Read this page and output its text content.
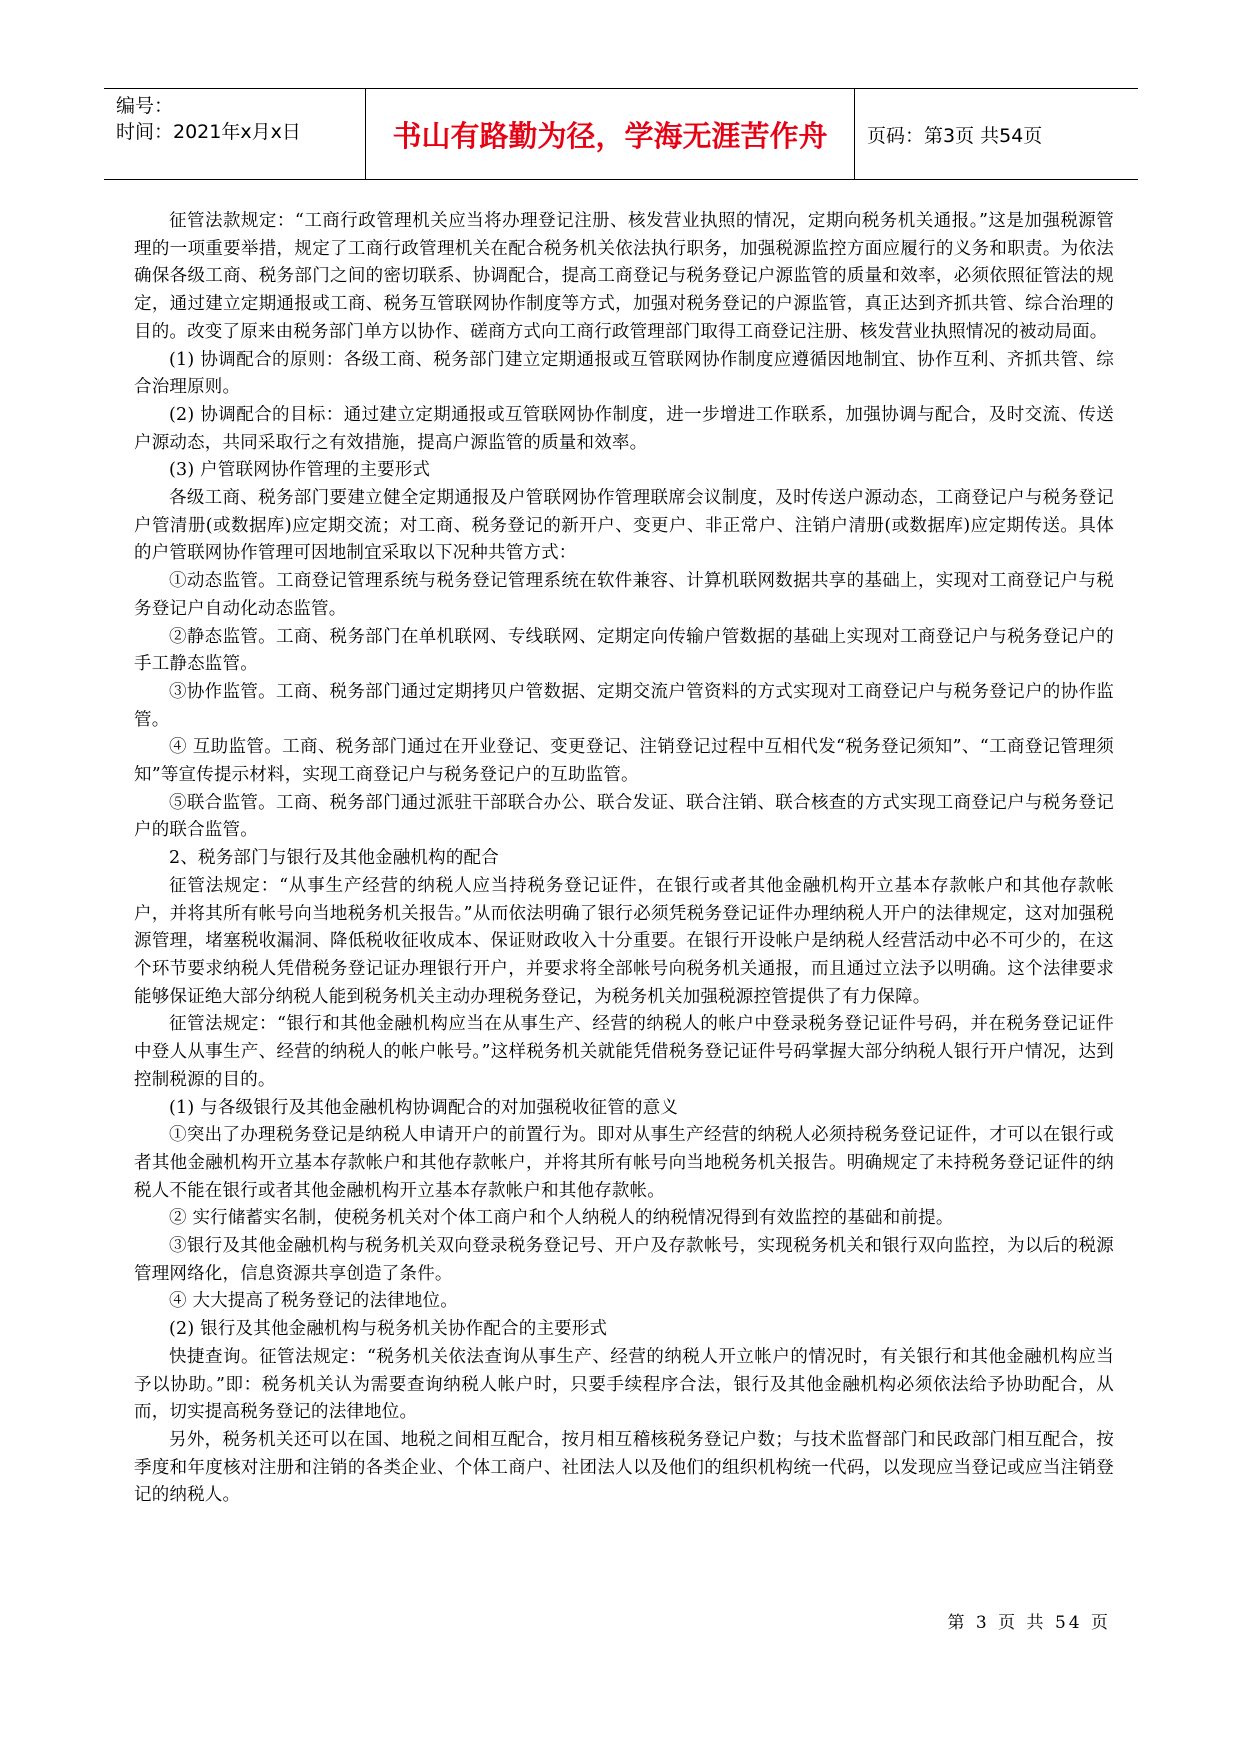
编号：
时间：2021年x月x日	书山有路勤为径，学海无涯苦作舟 页码：第3页 共54页

征管法款规定：“工商行政管理机关应当将办理登记注册、核发营业执照的情况，定期向税务机关通报。”这是加强税源管理的一项重要举措，规定了工商行政管理机关在配合税务机关依法执行职务，加强税源监控方面应履行的义务和职责。为依法确保各级工商、税务部门之间的密切联系、协调配合，提高工商登记与税务登记户源监管的质量和效率，必须依照征管法的规定，通过建立定期通报或工商、税务互管联网协作制度等方式，加强对税务登记的户源监管，真正达到齐抓共管、综合治理的目的。改变了原来由税务部门单方以协作、磋商方式向工商行政管理部门取得工商登记注册、核发营业执照情况的被动局面。

(1) 协调配合的原则：各级工商、税务部门建立定期通报或互管联网协作制度应遵循因地制宜、协作互利、齐抓共管、综合治理原则。

(2) 协调配合的目标：通过建立定期通报或互管联网协作制度，进一步增进工作联系，加强协调与配合，及时交流、传送户源动态，共同采取行之有效措施，提高户源监管的质量和效率。

(3) 户管联网协作管理的主要形式

各级工商、税务部门要建立健全定期通报及户管联网协作管理联席会议制度，及时传送户源动态，工商登记户与税务登记户管清册(或数据库)应定期交流；对工商、税务登记的新开户、变更户、非正常户、注销户清册(或数据库)应定期传送。具体的户管联网协作管理可因地制宜采取以下况种共管方式：

①动态监管。工商登记管理系统与税务登记管理系统在软件兼容、计算机联网数据共享的基础上，实现对工商登记户与税务登记户自动化动态监管。

②静态监管。工商、税务部门在单机联网、专线联网、定期定向传输户管数据的基础上实现对工商登记户与税务登记户的手工静态监管。

③协作监管。工商、税务部门通过定期拷贝户管数据、定期交流户管资料的方式实现对工商登记户与税务登记户的协作监管。

④ 互助监管。工商、税务部门通过在开业登记、变更登记、注销登记过程中互相代发“税务登记须知”、“工商登记管理须知”等宣传提示材料，实现工商登记户与税务登记户的互助监管。

⑤联合监管。工商、税务部门通过派驻干部联合办公、联合发证、联合注销、联合核查的方式实现工商登记户与税务登记户的联合监管。

2、税务部门与银行及其他金融机构的配合

征管法规定：“从事生产经营的纳税人应当持税务登记证件，在银行或者其他金融机构开立基本存款帐户和其他存款帐户，并将其所有帐号向当地税务机关报告。”从而依法明确了银行必须凭税务登记证件办理纳税人开户的法律规定，这对加强税源管理，堵塞税收漏洞、降低税收征收成本、保证财政收入十分重要。在银行开设帐户是纳税人经营活动中必不可少的，在这个环节要求纳税人凭借税务登记证办理银行开户，并要求将全部帐号向税务机关通报，而且通过立法予以明确。这个法律要求能够保证绝大部分纳税人能到税务机关主动办理税务登记，为税务机关加强税源控管提供了有力保障。

征管法规定：“银行和其他金融机构应当在从事生产、经营的纳税人的帐户中登录税务登记证件号码，并在税务登记证件中登人从事生产、经营的纳税人的帐户帐号。”这样税务机关就能凭借税务登记证件号码掌握大部分纳税人银行开户情况，达到控制税源的目的。

(1) 与各级银行及其他金融机构协调配合的对加强税收征管的意义

①突出了办理税务登记是纳税人申请开户的前置行为。即对从事生产经营的纳税人必须持税务登记证件，才可以在银行或者其他金融机构开立基本存款帐户和其他存款帐户，并将其所有帐号向当地税务机关报告。明确规定了未持税务登记证件的纳税人不能在银行或者其他金融机构开立基本存款帐户和其他存款帐。

② 实行储蓄实名制，使税务机关对个体工商户和个人纳税人的纳税情况得到有效监控的基础和前提。

③银行及其他金融机构与税务机关双向登录税务登记号、开户及存款帐号，实现税务机关和银行双向监控，为以后的税源管理网络化，信息资源共享创造了条件。

④ 大大提高了税务登记的法律地位。

(2) 银行及其他金融机构与税务机关协作配合的主要形式

快捷查询。征管法规定：“税务机关依法查询从事生产、经营的纳税人开立帐户的情况时，有关银行和其他金融机构应当予以协助。”即：税务机关认为需要查询纳税人帐户时，只要手续程序合法，银行及其他金融机构必须依法给予协助配合，从而，切实提高税务登记的法律地位。

另外，税务机关还可以在国、地税之间相互配合，按月相互稽核税务登记户数；与技术监督部门和民政部门相互配合，按季度和年度核对注册和注销的各类企业、个体工商户、社团法人以及他们的组织机构统一代码，以发现应当登记或应当注销登记的纳税人。

第 3 页 共 54 页
